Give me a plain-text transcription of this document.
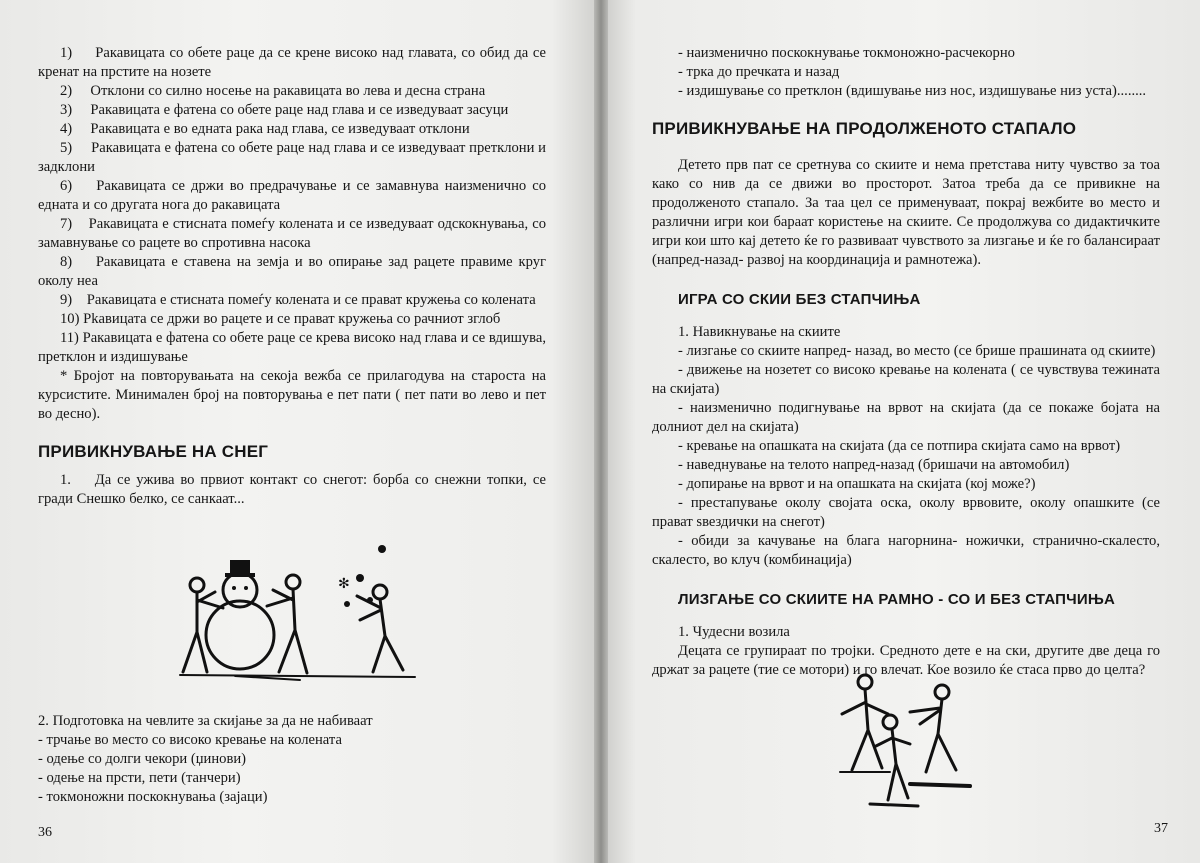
1)     Ракавицата со обете раце да се крене високо над главата, со обид да се кренат на прстите на нозете

2)     Отклони со силно носење на ракавицата во лева и десна страна

3)     Ракавицата е фатена со обете раце над глава и се изведуваат засуци

4)     Ракавицата е во едната рака над глава, се изведуваат отклони

5)     Ракавицата е фатена со обете раце над глава и се изведуваат претклони и задклони

6)    Ракавицата се држи во предрачување и се замавнува наизменично со едната и со другата нога до ракавицата

7)    Ракавицата е стисната помеѓу колената и се изведуваат одскокнувања, со замавнување со рацете во спротивна насока

8)    Ракавицата е ставена на земја и во опирање зад рацете правиме круг околу неа

9)    Ракавицата е стисната помеѓу колената и се прават кружења со колената

10) Рkавицата се држи во рацете и се прават кружења со рачниот зглоб

11) Ракавицата е фатена со обете раце се крева високо над глава и се вдишува, претклон и издишување

* Бројот на повторувањата на секоја вежба се прилагодува на староста на курсистите. Минимален број на повторувања е пет пати ( пет пати во лево и пет во десно).

ПРИВИКНУВАЊЕ НА СНЕГ

1.    Да се ужива во првиот контакт со снегот: борба со снежни топки, се гради Снешко белко, се санкаат...

✻

2. Подготовка на чевлите за скијање за да не набиваат

- трчање во место со високо кревање на колената

- одење со долги чекори (џинови)

- одење на прсти, пети (танчери)

- токмоножни поскокнувања (зајаци)

36

- наизменично поскокнување токмоножно-расчекорно

- трка до пречката и назад

- издишување со претклон (вдишување низ нос, издишување низ уста)........

ПРИВИКНУВАЊЕ НА ПРОДОЛЖЕНОТО СТАПАЛО

Детето прв пат се сретнува со скиите и нема претстава ниту чувство за тоа како со нив да се движи во просторот. Затоа треба да се привикне на продолженото стапало. За таа цел се применуваат, покрај вежбите во место и различни игри кои бараат користење на скиите. Се продолжува со дидактичките игри кои што кај детето ќе го развиваат чувството за лизгање и ќе го балансираат (напред-назад- развој на координација и рамнотежа).

ИГРА СО СКИИ БЕЗ СТАПЧИЊА

1. Навикнување на скиите

- лизгање со скиите напред- назад, во место (се брише прашината од скиите)

- движење на нозетет со високо кревање на колената ( се чувствува тежината на скијата)

- наизменично подигнување на врвот на скијата (да се покаже бојата на долниот дел на скијата)

- кревање на опашката на скијата (да се потпира скијата само на врвот)

- наведнување на телото напред-назад (бришачи на автомобил)

- допирање на врвот и на опашката на скијата (кој може?)

- престапување околу својата оска, околу врвовите, околу опашките (се прават ѕвездички на снегот)

- обиди за качување на блага нагорнина- ножички, странично-скалесто, скалесто, во клуч (комбинација)

ЛИЗГАЊЕ СО СКИИТЕ НА РАМНО - СО И БЕЗ СТАПЧИЊА

1. Чудесни возила

Децата се групираат по тројки. Средното дете е на ски, другите две деца го држат за рацете (тие се мотори) и го влечат. Кое возило ќе стаса прво до целта?

37
